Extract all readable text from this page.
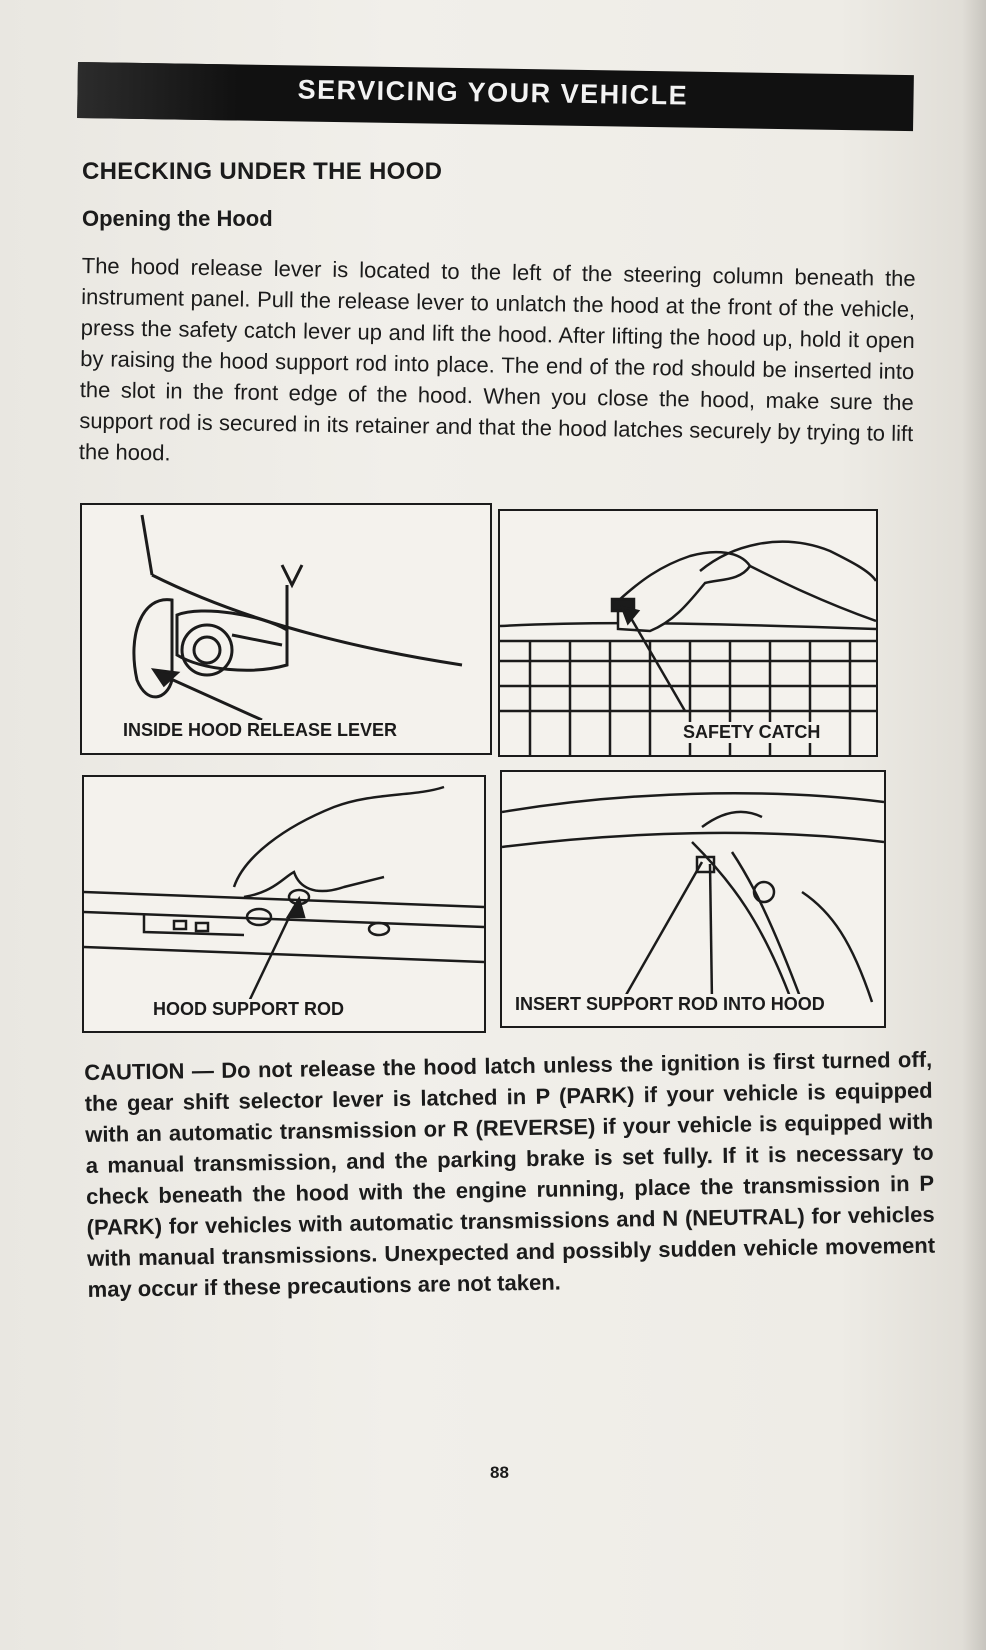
SERVICING YOUR VEHICLE
CHECKING UNDER THE HOOD
Opening the Hood
The hood release lever is located to the left of the steering column beneath the instrument panel. Pull the release lever to unlatch the hood at the front of the vehicle, press the safety catch lever up and lift the hood. After lifting the hood up, hold it open by raising the hood support rod into place. The end of the rod should be inserted into the slot in the front edge of the hood. When you close the hood, make sure the support rod is secured in its retainer and that the hood latches securely by trying to lift the hood.
INSIDE HOOD RELEASE LEVER	SAFETY CATCH
HOOD SUPPORT ROD	INSERT SUPPORT ROD INTO HOOD
CAUTION — Do not release the hood latch unless the ignition is first turned off, the gear shift selector lever is latched in P (PARK) if your vehicle is equipped with an automatic transmission or R (REVERSE) if your vehicle is equipped with a manual transmission, and the parking brake is set fully. If it is necessary to check beneath the hood with the engine running, place the transmission in P (PARK) for vehicles with automatic transmissions and N (NEUTRAL) for vehicles with manual transmissions. Unexpected and possibly sudden vehicle movement may occur if these precautions are not taken.
88
